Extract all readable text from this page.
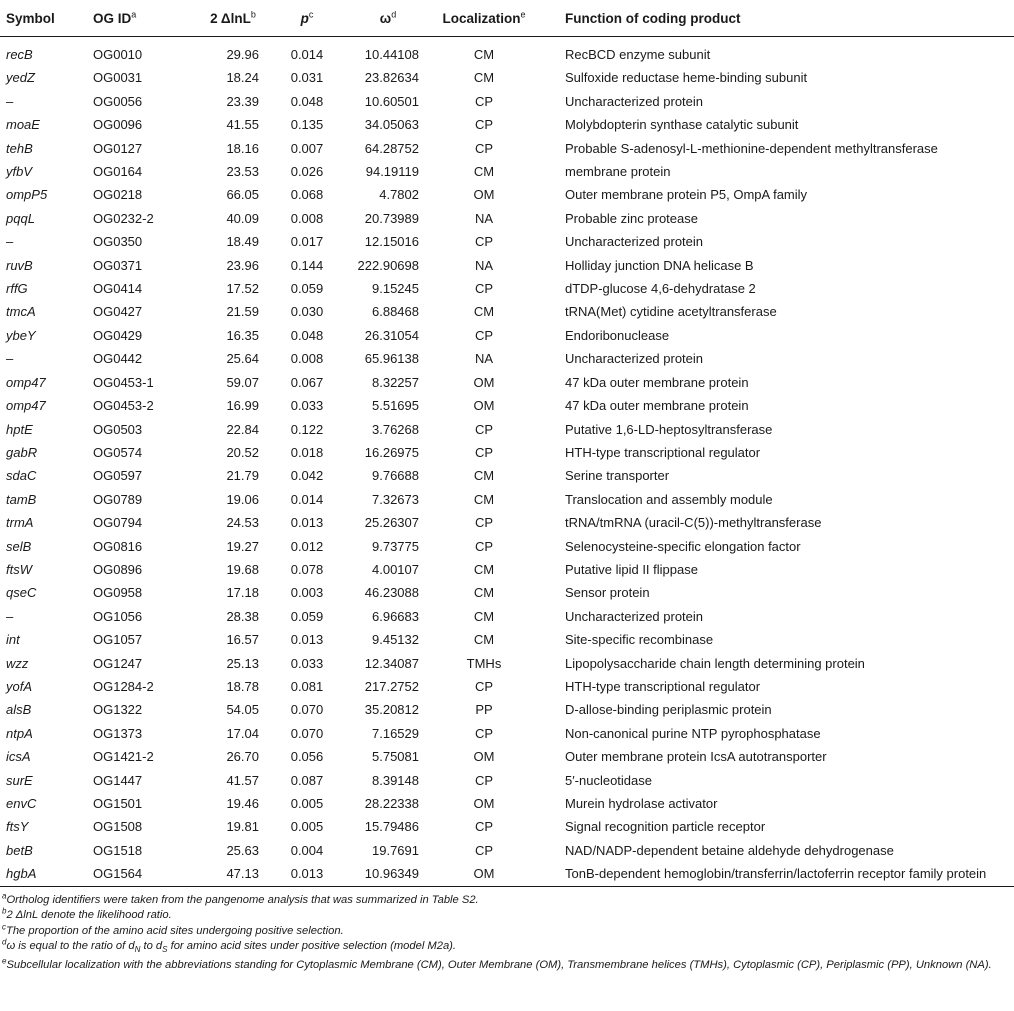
Symbol	OG $ID^a$	2 ΔlnL$^b$	$p^c$	$\omega^d$	Localization$^e$	Function of coding product
recB	OG0010	29.96	0.014	10.44108	CM	RecBCD enzyme subunit
yedZ	OG0031	18.24	0.031	23.82634	CM	Sulfoxide reductase heme-binding subunit
–	OG0056	23.39	0.048	10.60501	CP	Uncharacterized protein
moaE	OG0096	41.55	0.135	34.05063	CP	Molybdopterin synthase catalytic subunit
tehB	OG0127	18.16	0.007	64.28752	CP	Probable S-adenosyl-L-methionine-dependent methyltransferase
yfbV	OG0164	23.53	0.026	94.19119	CM	membrane protein
ompP5	OG0218	66.05	0.068	4.7802	OM	Outer membrane protein P5, OmpA family
pqqL	OG0232-2	40.09	0.008	20.73989	NA	Probable zinc protease
–	OG0350	18.49	0.017	12.15016	CP	Uncharacterized protein
ruvB	OG0371	23.96	0.144	222.90698	NA	Holliday junction DNA helicase B
rffG	OG0414	17.52	0.059	9.15245	CP	dTDP-glucose 4,6-dehydratase 2
tmcA	OG0427	21.59	0.030	6.88468	CM	tRNA(Met) cytidine acetyltransferase
ybeY	OG0429	16.35	0.048	26.31054	CP	Endoribonuclease
–	OG0442	25.64	0.008	65.96138	NA	Uncharacterized protein
omp47	OG0453-1	59.07	0.067	8.32257	OM	47 kDa outer membrane protein
omp47	OG0453-2	16.99	0.033	5.51695	OM	47 kDa outer membrane protein
hptE	OG0503	22.84	0.122	3.76268	CP	Putative 1,6-LD-heptosyltransferase
gabR	OG0574	20.52	0.018	16.26975	CP	HTH-type transcriptional regulator
sdaC	OG0597	21.79	0.042	9.76688	CM	Serine transporter
tamB	OG0789	19.06	0.014	7.32673	CM	Translocation and assembly module
trmA	OG0794	24.53	0.013	25.26307	CP	tRNA/tmRNA (uracil-C(5))-methyltransferase
selB	OG0816	19.27	0.012	9.73775	CP	Selenocysteine-specific elongation factor
ftsW	OG0896	19.68	0.078	4.00107	CM	Putative lipid II flippase
qseC	OG0958	17.18	0.003	46.23088	CM	Sensor protein
–	OG1056	28.38	0.059	6.96683	CM	Uncharacterized protein
int	OG1057	16.57	0.013	9.45132	CM	Site-specific recombinase
wzz	OG1247	25.13	0.033	12.34087	TMHs	Lipopolysaccharide chain length determining protein
yofA	OG1284-2	18.78	0.081	217.2752	CP	HTH-type transcriptional regulator
alsB	OG1322	54.05	0.070	35.20812	PP	D-allose-binding periplasmic protein
ntpA	OG1373	17.04	0.070	7.16529	CP	Non-canonical purine NTP pyrophosphatase
icsA	OG1421-2	26.70	0.056	5.75081	OM	Outer membrane protein IcsA autotransporter
surE	OG1447	41.57	0.087	8.39148	CP	5′-nucleotidase
envC	OG1501	19.46	0.005	28.22338	OM	Murein hydrolase activator
ftsY	OG1508	19.81	0.005	15.79486	CP	Signal recognition particle receptor
betB	OG1518	25.63	0.004	19.7691	CP	NAD/NADP-dependent betaine aldehyde dehydrogenase
hgbA	OG1564	47.13	0.013	10.96349	OM	TonB-dependent hemoglobin/transferrin/lactoferrin receptor family protein

$^a$Ortholog identifiers were taken from the pangenome analysis that was summarized in Table S2.

$^b$2 ΔlnL denote the likelihood ratio.

$^c$The proportion of the amino acid sites undergoing positive selection.

$^d$ω is equal to the ratio of $d_N$ to $d_S$ for amino acid sites under positive selection (model M2a).

$^e$Subcellular localization with the abbreviations standing for Cytoplasmic Membrane (CM), Outer Membrane (OM), Transmembrane helices (TMHs), Cytoplasmic (CP), Periplasmic (PP), Unknown (NA).
